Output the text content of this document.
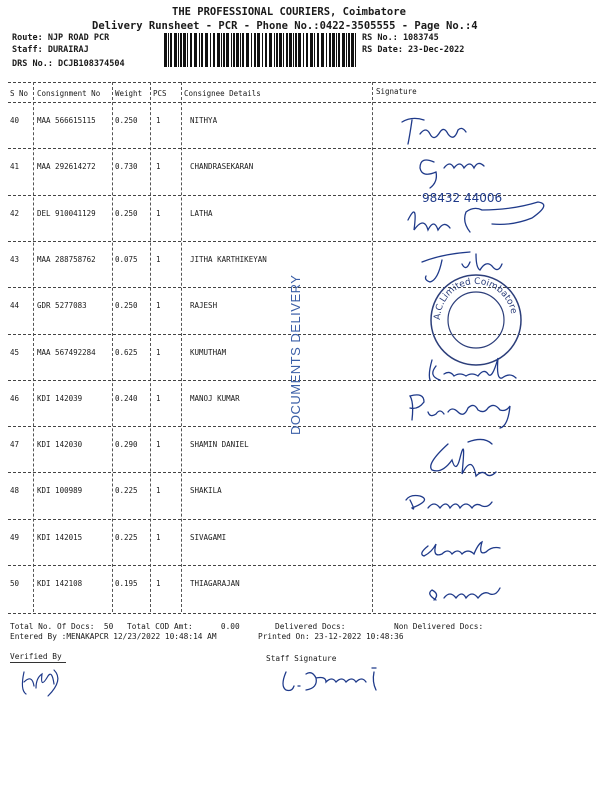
THE PROFESSIONAL COURIERS, Coimbatore
Delivery Runsheet - PCR - Phone No.:0422-3505555 - Page No.:4
Route: NJP ROAD PCR
Staff: DURAIRAJ
DRS No.: DCJB108374504
RS No.: 1083745
RS Date: 23-Dec-2022
S No Consignment No Weight PCS Consignee Details	Signature
40 MAA 566615115	0.250 1	NITHYA
41 MAA 292614272	0.730 1	CHANDRASEKARAN
42 DEL 910041129	0.250 1	LATHA
43 MAA 288758762	0.075 1	JITHA KARTHIKEYAN
44 GDR 5277083	0.250 1	RAJESH
45 MAA 567492284	0.625 1	KUMUTHAM
46 KDI 142039	0.240 1	MANOJ KUMAR
47 KDI 142030	0.290 1	SHAMIN DANIEL
48 KDI 100989	0.225 1	SHAKILA
49 KDI 142015	0.225 1	SIVAGAMI
50 KDI 142108	0.195 1	THIAGARAJAN
DOCUMENTS DELIVERY	A.C.Limited Coimbatore
98432 44006
Total No. Of Docs:  50 Total COD Amt:      0.00	Delivered Docs:	Non Delivered Docs:
Entered By :MENAKAPCR 12/23/2022 10:48:14 AM	Printed On: 23-12-2022 10:48:36
Verified By	Staff Signature
